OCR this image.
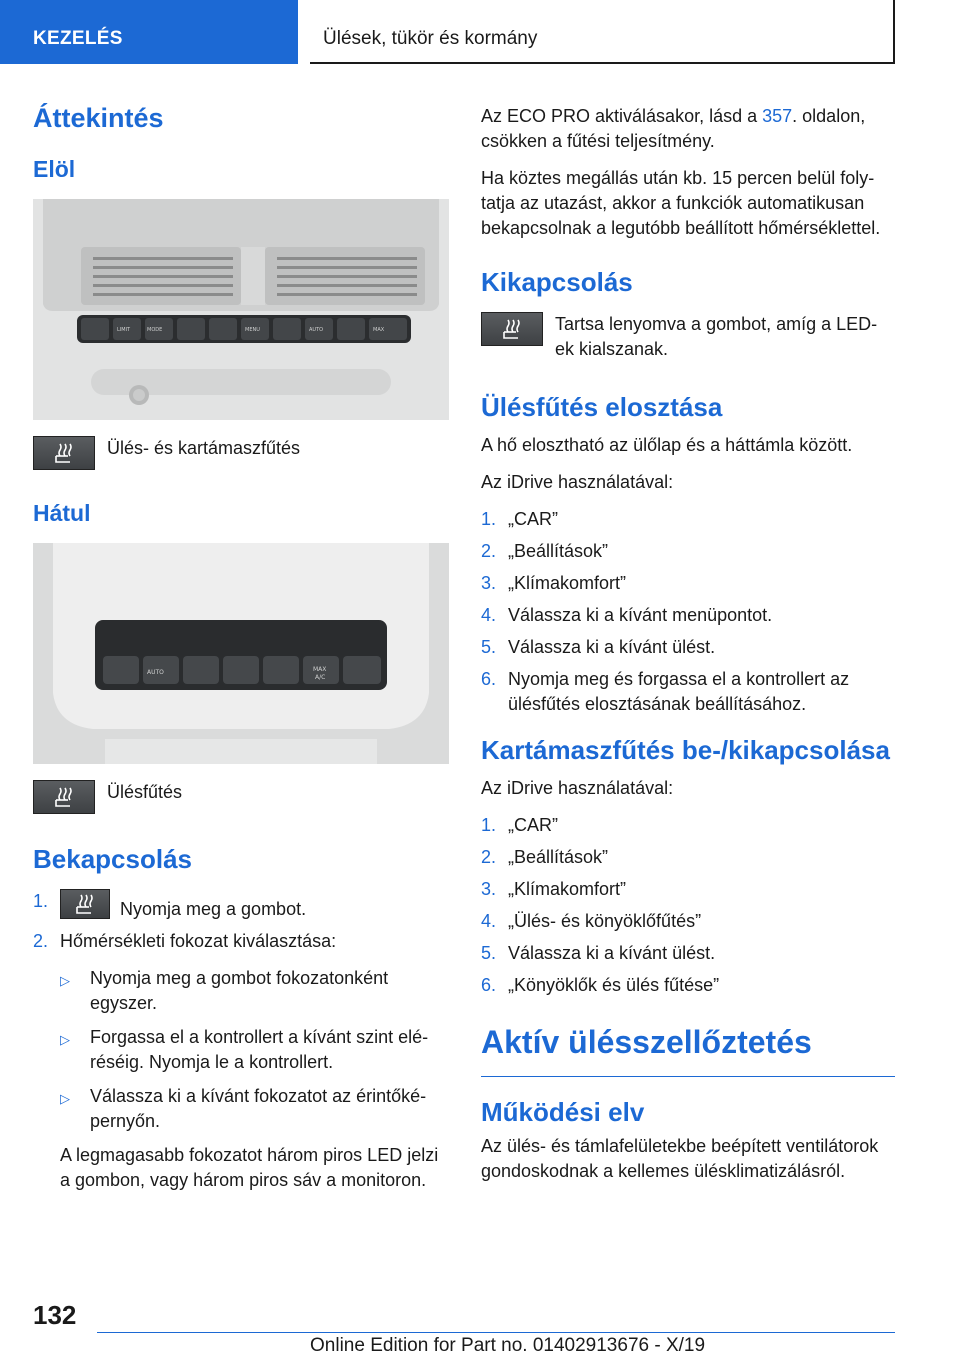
KEZELÉS	Ülések, tükör és kormány
Áttekintés
Elöl
LIMIT	MODE	MENU	AUTO	MAX
Ülés- és kartámaszfűtés
Hátul
AUTO	MAX
A/C
Ülésfűtés
Bekapcsolás
1.	Nyomja meg a gombot.
2. Hőmérsékleti fokozat kiválasztása:
▷	Nyomja meg a gombot fokozatonként egyszer.
▷	Forgassa el a kontrollert a kívánt szint eléréséig. Nyomja le a kontrollert.
▷	Válassza ki a kívánt fokozatot az érintőképernyőn.

A legmagasabb fokozatot három piros LED jelzi a gombon, vagy három piros sáv a monitoron.

Az ECO PRO aktiválásakor, lásd a 357. oldalon, csökken a fűtési teljesítmény.

Ha köztes megállás után kb. 15 percen belül folytatja az utazást, akkor a funkciók automatikusan bekapcsolnak a legutóbb beállított hőmérséklettel.

Kikapcsolás
Tartsa lenyomva a gombot, amíg a LED-ek kialszanak.
Ülésfűtés elosztása

A hő elosztható az ülőlap és a háttámla között.

Az iDrive használatával:

1. „CAR”
2. „Beállítások”
3. „Klímakomfort”
4. Válassza ki a kívánt menüpontot.
5. Válassza ki a kívánt ülést.
6. Nyomja meg és forgassa el a kontrollert az ülésfűtés elosztásának beállításához.
Kartámaszfűtés be-/kikapcsolása

Az iDrive használatával:

1. „CAR”
2. „Beállítások”
3. „Klímakomfort”
4. „Ülés- és könyöklőfűtés”
5. Válassza ki a kívánt ülést.
6. „Könyöklők és ülés fűtése”
Aktív ülésszellőztetés
Működési elv

Az ülés- és támlafelületekbe beépített ventilátorok gondoskodnak a kellemes ülésklimatizálásról.

132
Online Edition for Part no. 01402913676 - X/19
